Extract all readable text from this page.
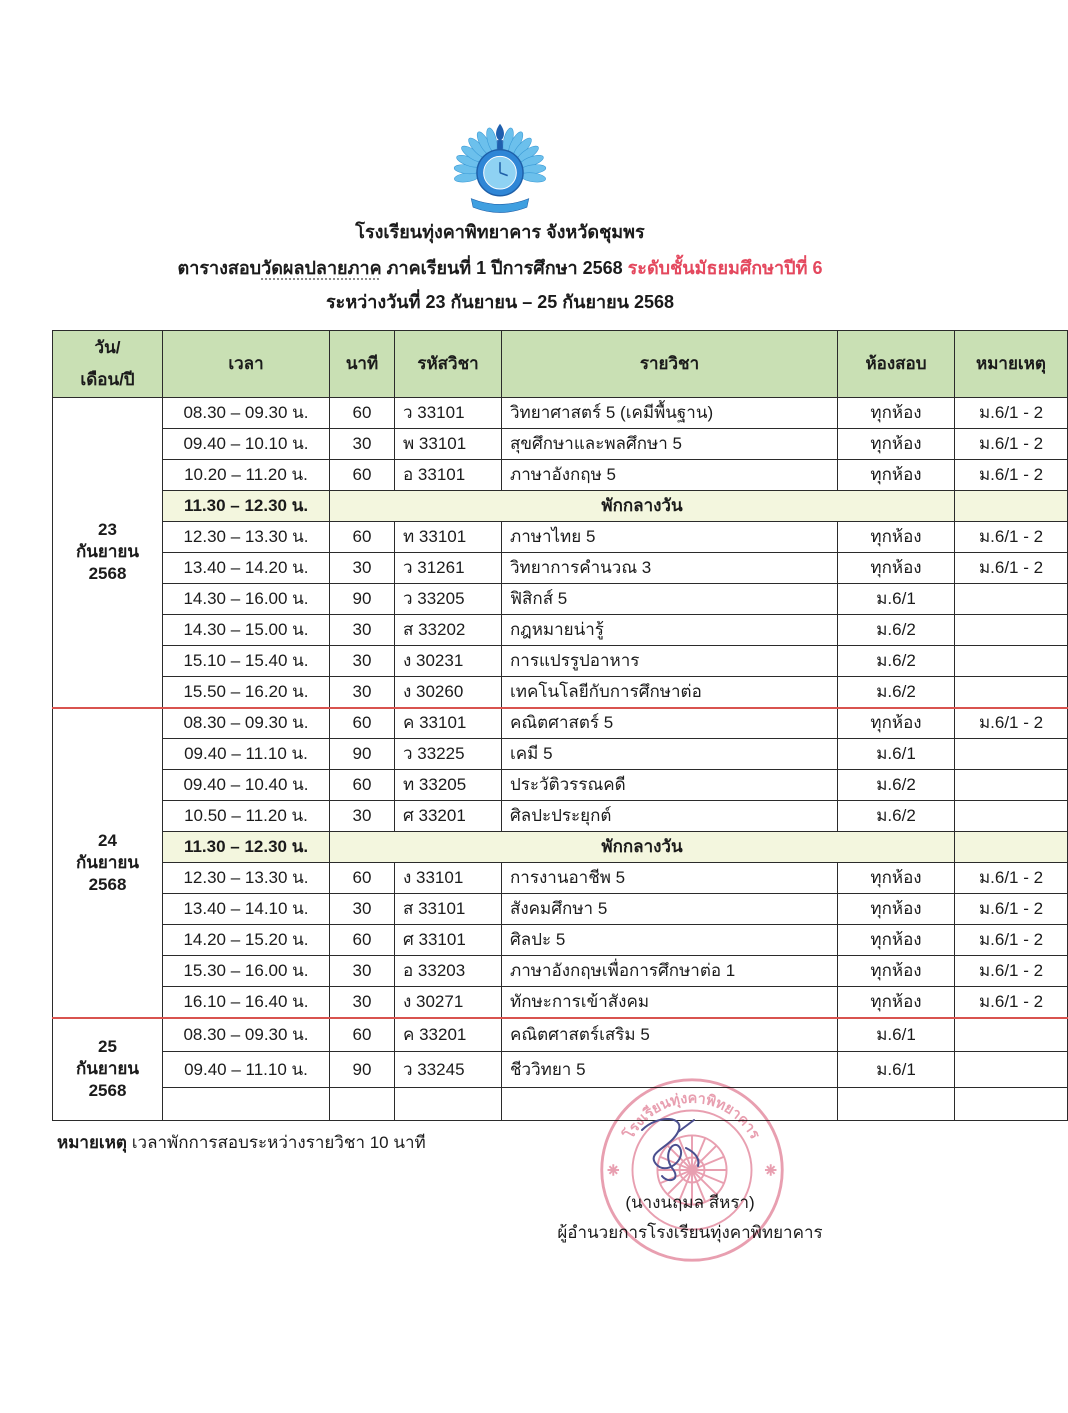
โรงเรียนทุ่งคาพิทยาคาร จังหวัดชุมพร
ตารางสอบวัดผลปลายภาค ภาคเรียนที่ 1 ปีการศึกษา 2568 ระดับชั้นมัธยมศึกษาปีที่ 6
ระหว่างวันที่ 23 กันยายน – 25 กันยายน 2568
วัน/
เดือน/ปี	เวลา	นาที	รหัสวิชา	รายวิชา	ห้องสอบ	หมายเหตุ

23
กันยายน
2568	08.30 – 09.30 น.	60	ว 33101	วิทยาศาสตร์ 5 (เคมีพื้นฐาน)	ทุกห้อง	ม.6/1 - 2
	09.40 – 10.10 น.	30	พ 33101	สุขศึกษาและพลศึกษา 5	ทุกห้อง	ม.6/1 - 2
	10.20 – 11.20 น.	60	อ 33101	ภาษาอังกฤษ 5	ทุกห้อง	ม.6/1 - 2
	11.30 – 12.30 น.	พักกลางวัน				
	12.30 – 13.30 น.	60	ท 33101	ภาษาไทย 5	ทุกห้อง	ม.6/1 - 2
	13.40 – 14.20 น.	30	ว 31261	วิทยาการคำนวณ 3	ทุกห้อง	ม.6/1 - 2
	14.30 – 16.00 น.	90	ว 33205	ฟิสิกส์ 5	ม.6/1	
	14.30 – 15.00 น.	30	ส 33202	กฎหมายน่ารู้	ม.6/2	
	15.10 – 15.40 น.	30	ง 30231	การแปรรูปอาหาร	ม.6/2	
	15.50 – 16.20 น.	30	ง 30260	เทคโนโลยีกับการศึกษาต่อ	ม.6/2	

24
กันยายน
2568	08.30 – 09.30 น.	60	ค 33101	คณิตศาสตร์ 5	ทุกห้อง	ม.6/1 - 2
	09.40 – 11.10 น.	90	ว 33225	เคมี 5	ม.6/1	
	09.40 – 10.40 น.	60	ท 33205	ประวัติวรรณคดี	ม.6/2	
	10.50 – 11.20 น.	30	ศ 33201	ศิลปะประยุกต์	ม.6/2	
	11.30 – 12.30 น.	พักกลางวัน				
	12.30 – 13.30 น.	60	ง 33101	การงานอาชีพ 5	ทุกห้อง	ม.6/1 - 2
	13.40 – 14.10 น.	30	ส 33101	สังคมศึกษา 5	ทุกห้อง	ม.6/1 - 2
	14.20 – 15.20 น.	60	ศ 33101	ศิลปะ 5	ทุกห้อง	ม.6/1 - 2
	15.30 – 16.00 น.	30	อ 33203	ภาษาอังกฤษเพื่อการศึกษาต่อ 1	ทุกห้อง	ม.6/1 - 2
	16.10 – 16.40 น.	30	ง 30271	ทักษะการเข้าสังคม	ทุกห้อง	ม.6/1 - 2

25
กันยายน
2568	08.30 – 09.30 น.	60	ค 33201	คณิตศาสตร์เสริม 5	ม.6/1	
	09.40 – 11.10 น.	90	ว 33245	ชีววิทยา 5	ม.6/1	

หมายเหตุ เวลาพักการสอบระหว่างรายวิชา 10 นาที	โรงเรียนทุ่งคาพิทยาคาร
(นางนฤมล สีหรา)
ผู้อำนวยการโรงเรียนทุ่งคาพิทยาคาร
